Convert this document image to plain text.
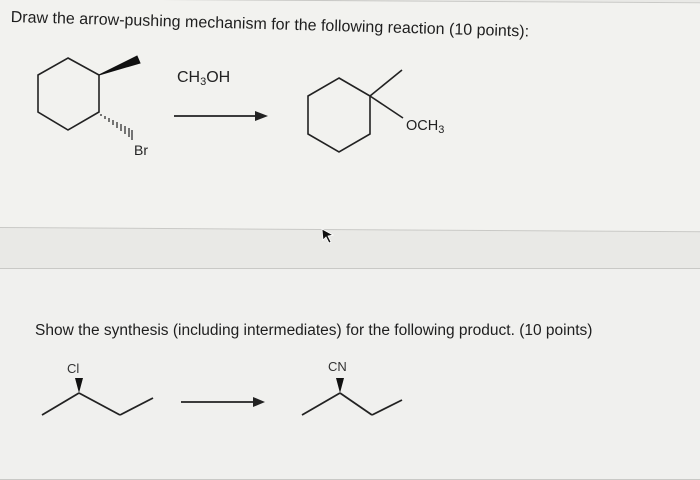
Draw the arrow-pushing mechanism for the following reaction (10 points):
$CH_3OH$
Br
$OCH_3$
Show the synthesis (including intermediates) for the following product. (10 points)
Cl	CN
